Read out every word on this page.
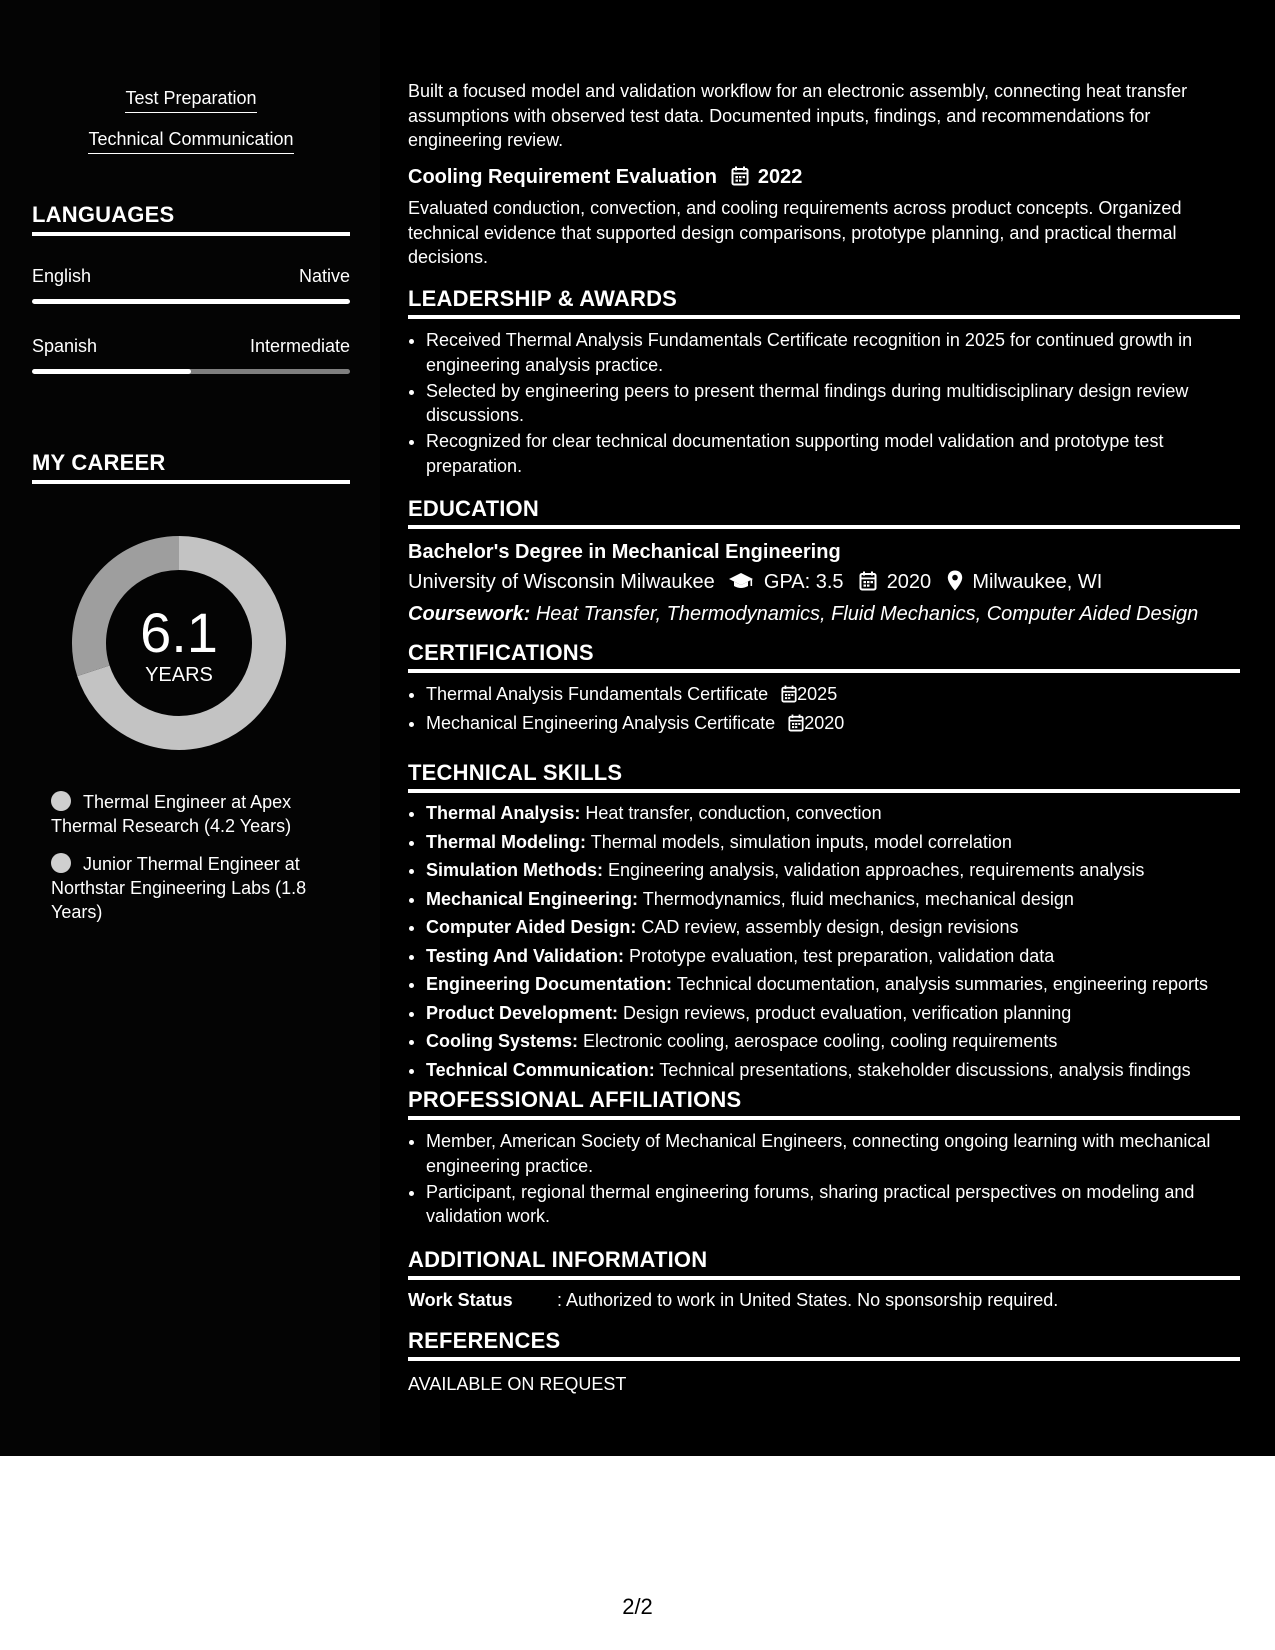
Test Preparation
Technical Communication
LANGUAGES
English	Native
Spanish	Intermediate
MY CAREER
6.1
YEARS
Thermal Engineer at Apex Thermal Research (4.2 Years)
Junior Thermal Engineer at Northstar Engineering Labs (1.8 Years)
Built a focused model and validation workflow for an electronic assembly, connecting heat transfer assumptions with observed test data. Documented inputs, findings, and recommendations for engineering review.
Cooling Requirement Evaluation 2022
Evaluated conduction, convection, and cooling requirements across product concepts. Organized technical evidence that supported design comparisons, prototype planning, and practical thermal decisions.
LEADERSHIP & AWARDS
• Received Thermal Analysis Fundamentals Certificate recognition in 2025 for continued growth in engineering analysis practice.
• Selected by engineering peers to present thermal findings during multidisciplinary design review discussions.
• Recognized for clear technical documentation supporting model validation and prototype test preparation.
EDUCATION
Bachelor's Degree in Mechanical Engineering
University of Wisconsin Milwaukee GPA: 3.5 2020 Milwaukee, WI
Coursework: Heat Transfer, Thermodynamics, Fluid Mechanics, Computer Aided Design
CERTIFICATIONS
• Thermal Analysis Fundamentals Certificate 2025
• Mechanical Engineering Analysis Certificate 2020
TECHNICAL SKILLS
• Thermal Analysis: Heat transfer, conduction, convection
• Thermal Modeling: Thermal models, simulation inputs, model correlation
• Simulation Methods: Engineering analysis, validation approaches, requirements analysis
• Mechanical Engineering: Thermodynamics, fluid mechanics, mechanical design
• Computer Aided Design: CAD review, assembly design, design revisions
• Testing And Validation: Prototype evaluation, test preparation, validation data
• Engineering Documentation: Technical documentation, analysis summaries, engineering reports
• Product Development: Design reviews, product evaluation, verification planning
• Cooling Systems: Electronic cooling, aerospace cooling, cooling requirements
• Technical Communication: Technical presentations, stakeholder discussions, analysis findings
PROFESSIONAL AFFILIATIONS
• Member, American Society of Mechanical Engineers, connecting ongoing learning with mechanical engineering practice.
• Participant, regional thermal engineering forums, sharing practical perspectives on modeling and validation work.
ADDITIONAL INFORMATION
Work Status : Authorized to work in United States. No sponsorship required.
REFERENCES
AVAILABLE ON REQUEST
2/2
